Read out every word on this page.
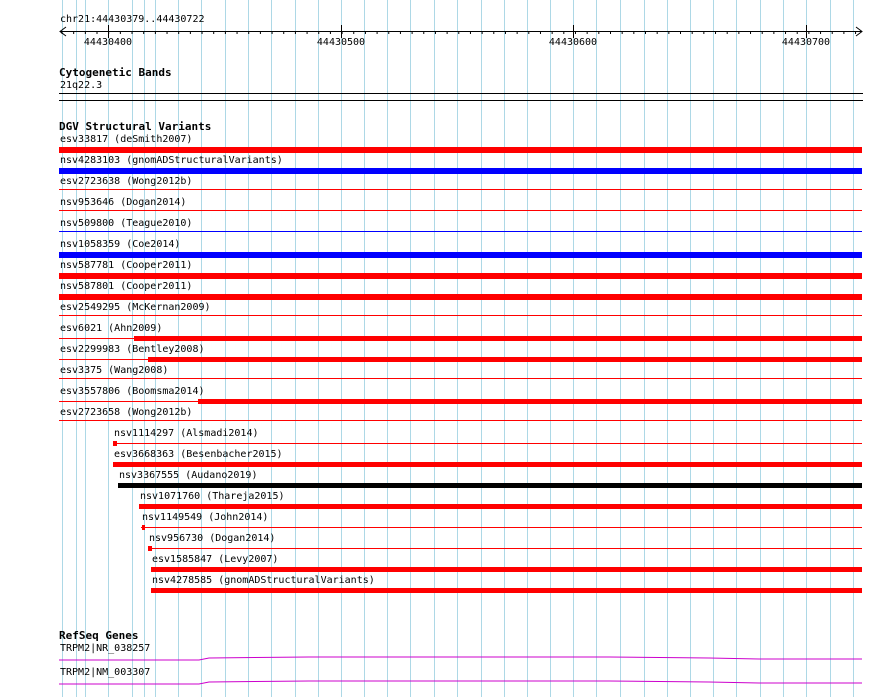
44430400	44430500	44430600	44430700
chr21:44430379..44430722
Cytogenetic Bands
21q22.3
DGV Structural Variants
esv33817 (deSmith2007)
nsv4283103 (gnomADStructuralVariants)
esv2723638 (Wong2012b)
nsv953646 (Dogan2014)
nsv509800 (Teague2010)
nsv1058359 (Coe2014)
nsv587781 (Cooper2011)
nsv587801 (Cooper2011)
esv2549295 (McKernan2009)
esv6021 (Ahn2009)
esv2299983 (Bentley2008)
esv3375 (Wang2008)
esv3557806 (Boomsma2014)
esv2723658 (Wong2012b)
nsv1114297 (Alsmadi2014)
esv3668363 (Besenbacher2015)
nsv3367555 (Audano2019)
nsv1071760 (Thareja2015)
nsv1149549 (John2014)
nsv956730 (Dogan2014)
esv1585847 (Levy2007)
nsv4278585 (gnomADStructuralVariants)
RefSeq Genes
TRPM2|NR_038257
TRPM2|NM_003307
